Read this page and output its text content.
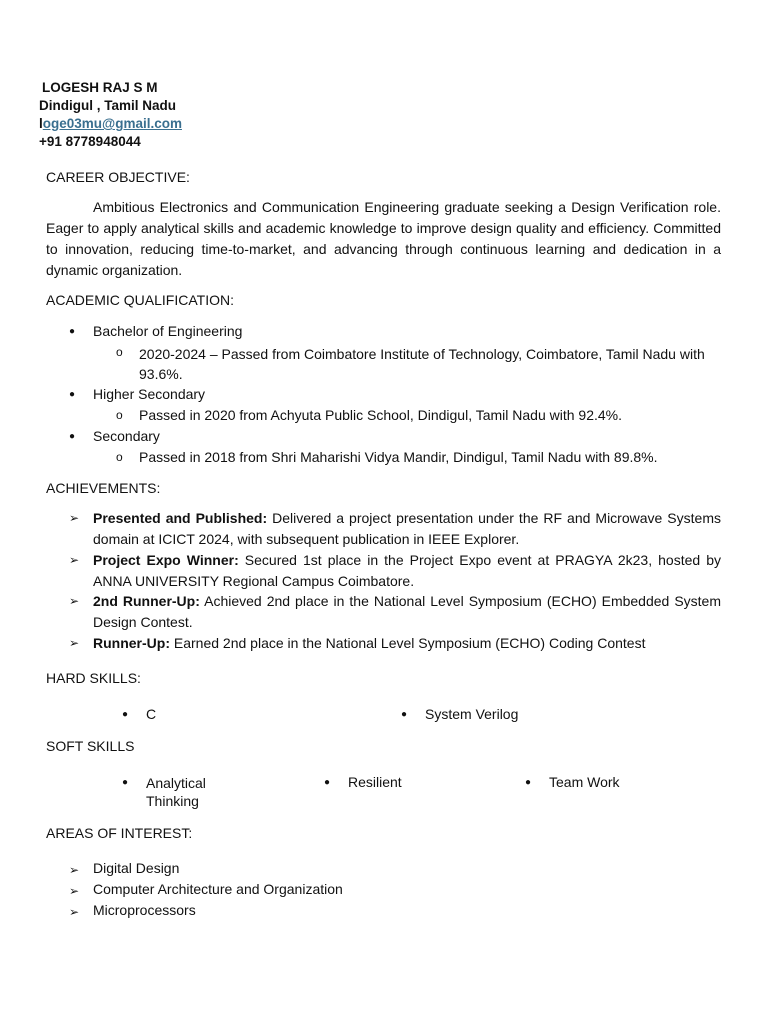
LOGESH RAJ S M
Dindigul , Tamil Nadu
loge03mu@gmail.com
+91 8778948044
CAREER OBJECTIVE:
Ambitious Electronics and Communication Engineering graduate seeking a Design Verification role. Eager to apply analytical skills and academic knowledge to improve design quality and efficiency. Committed to innovation, reducing time-to-market, and advancing through continuous learning and dedication in a dynamic organization.
ACADEMIC QUALIFICATION:
● Bachelor of Engineering
o 2020-2024 – Passed from Coimbatore Institute of Technology, Coimbatore, Tamil Nadu with 93.6%.
● Higher Secondary
o Passed in 2020 from Achyuta Public School, Dindigul, Tamil Nadu with 92.4%.
● Secondary
o Passed in 2018 from Shri Maharishi Vidya Mandir, Dindigul, Tamil Nadu with 89.8%.
ACHIEVEMENTS:
➢ Presented and Published: Delivered a project presentation under the RF and Microwave Systems domain at ICICT 2024, with subsequent publication in IEEE Explorer.
➢ Project Expo Winner: Secured 1st place in the Project Expo event at PRAGYA 2k23, hosted by ANNA UNIVERSITY Regional Campus Coimbatore.
➢ 2nd Runner-Up: Achieved 2nd place in the National Level Symposium (ECHO) Embedded System Design Contest.
➢ Runner-Up: Earned 2nd place in the National Level Symposium (ECHO) Coding Contest
HARD SKILLS:
● C	● System Verilog
SOFT SKILLS
● Analytical Thinking
● Resilient	● Team Work
AREAS OF INTEREST:
➢ Digital Design
➢ Computer Architecture and Organization
➢ Microprocessors
